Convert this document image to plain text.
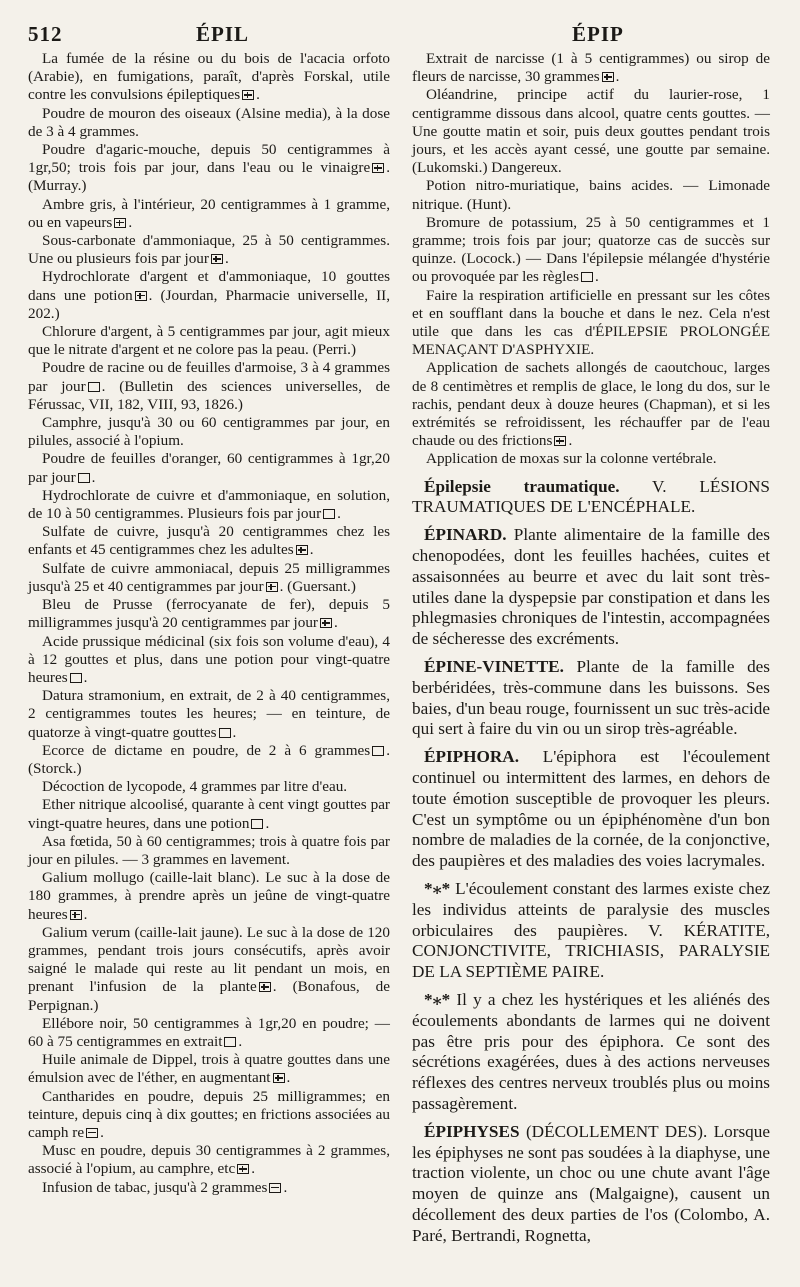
512	ÉPIL	ÉPIP

La fumée de la résine ou du bois de l'acacia orfoto (Arabie), en fumigations, paraît, d'après Forskal, utile contre les convulsions épileptiques .

Poudre de mouron des oiseaux (Alsine media), à la dose de 3 à 4 grammes.

Poudre d'agaric-mouche, depuis 50 centigrammes à 1gr,50; trois fois par jour, dans l'eau ou le vinaigre . (Murray.)

Ambre gris, à l'intérieur, 20 centigrammes à 1 gramme, ou en vapeurs .

Sous-carbonate d'ammoniaque, 25 à 50 centigrammes. Une ou plusieurs fois par jour .

Hydrochlorate d'argent et d'ammoniaque, 10 gouttes dans une potion . (Jourdan, Pharmacie universelle, II, 202.)

Chlorure d'argent, à 5 centigrammes par jour, agit mieux que le nitrate d'argent et ne colore pas la peau. (Perri.)

Poudre de racine ou de feuilles d'armoise, 3 à 4 grammes par jour . (Bulletin des sciences universelles, de Férussac, VII, 182, VIII, 93, 1826.)

Camphre, jusqu'à 30 ou 60 centigrammes par jour, en pilules, associé à l'opium.

Poudre de feuilles d'oranger, 60 centigrammes à 1gr,20 par jour .

Hydrochlorate de cuivre et d'ammoniaque, en solution, de 10 à 50 centigrammes. Plusieurs fois par jour .

Sulfate de cuivre, jusqu'à 20 centigrammes chez les enfants et 45 centigrammes chez les adultes .

Sulfate de cuivre ammoniacal, depuis 25 milligrammes jusqu'à 25 et 40 centigrammes par jour . (Guersant.)

Bleu de Prusse (ferrocyanate de fer), depuis 5 milligrammes jusqu'à 20 centigrammes par jour .

Acide prussique médicinal (six fois son volume d'eau), 4 à 12 gouttes et plus, dans une potion pour vingt-quatre heures .

Datura stramonium, en extrait, de 2 à 40 centigrammes, 2 centigrammes toutes les heures; — en teinture, de quatorze à vingt-quatre gouttes .

Ecorce de dictame en poudre, de 2 à 6 grammes . (Storck.)

Décoction de lycopode, 4 grammes par litre d'eau.

Ether nitrique alcoolisé, quarante à cent vingt gouttes par vingt-quatre heures, dans une potion .

Asa fœtida, 50 à 60 centigrammes; trois à quatre fois par jour en pilules. — 3 grammes en lavement.

Galium mollugo (caille-lait blanc). Le suc à la dose de 180 grammes, à prendre après un jeûne de vingt-quatre heures .

Galium verum (caille-lait jaune). Le suc à la dose de 120 grammes, pendant trois jours consécutifs, après avoir saigné le malade qui reste au lit pendant un mois, en prenant l'infusion de la plante . (Bonafous, de Perpignan.)

Ellébore noir, 50 centigrammes à 1gr,20 en poudre; — 60 à 75 centigrammes en extrait .

Huile animale de Dippel, trois à quatre gouttes dans une émulsion avec de l'éther, en augmentant .

Cantharides en poudre, depuis 25 milligrammes; en teinture, depuis cinq à dix gouttes; en frictions associées au camph re .

Musc en poudre, depuis 30 centigrammes à 2 grammes, associé à l'opium, au camphre, etc .

Infusion de tabac, jusqu'à 2 grammes .

Extrait de narcisse (1 à 5 centigrammes) ou sirop de fleurs de narcisse, 30 grammes .

Oléandrine, principe actif du laurier-rose, 1 centigramme dissous dans alcool, quatre cents gouttes. — Une goutte matin et soir, puis deux gouttes pendant trois jours, et les accès ayant cessé, une goutte par semaine. (Lukomski.) Dangereux.

Potion nitro-muriatique, bains acides. — Limonade nitrique. (Hunt).

Bromure de potassium, 25 à 50 centigrammes et 1 gramme; trois fois par jour; quatorze cas de succès sur quinze. (Locock.) — Dans l'épilepsie mélangée d'hystérie ou provoquée par les règles .

Faire la respiration artificielle en pressant sur les côtes et en soufflant dans la bouche et dans le nez. Cela n'est utile que dans les cas d'ÉPILEPSIE PROLONGÉE MENAÇANT D'ASPHYXIE.

Application de sachets allongés de caoutchouc, larges de 8 centimètres et remplis de glace, le long du dos, sur le rachis, pendant deux à douze heures (Chapman), et si les extrémités se refroidissent, les réchauffer par de l'eau chaude ou des frictions .

Application de moxas sur la colonne vertébrale.

Épilepsie traumatique. V. LÉSIONS TRAUMATIQUES DE L'ENCÉPHALE.

ÉPINARD. Plante alimentaire de la famille des chenopodées, dont les feuilles hachées, cuites et assaisonnées au beurre et avec du lait sont très-utiles dane la dyspepsie par constipation et dans les phlegmasies chroniques de l'intestin, accompagnées de sécheresse des excréments.

ÉPINE-VINETTE. Plante de la famille des berbéridées, très-commune dans les buissons. Ses baies, d'un beau rouge, fournissent un suc très-acide qui sert à faire du vin ou un sirop très-agréable.

ÉPIPHORA. L'épiphora est l'écoulement continuel ou intermittent des larmes, en dehors de toute émotion susceptible de provoquer les pleurs. C'est un symptôme ou un épiphénomène d'un bon nombre de maladies de la cornée, de la conjonctive, des paupières et des maladies des voies lacrymales.

*⁎* L'écoulement constant des larmes existe chez les individus atteints de paralysie des muscles orbiculaires des paupières. V. KÉRATITE, CONJONCTIVITE, TRICHIASIS, PARALYSIE DE LA SEPTIÈME PAIRE.

*⁎* Il y a chez les hystériques et les aliénés des écoulements abondants de larmes qui ne doivent pas être pris pour des épiphora. Ce sont des sécrétions exagérées, dues à des actions nerveuses réflexes des centres nerveux troublés plus ou moins passagèrement.

ÉPIPHYSES (DÉCOLLEMENT DES). Lorsque les épiphyses ne sont pas soudées à la diaphyse, une traction violente, un choc ou une chute avant l'âge moyen de quinze ans (Malgaigne), causent un décollement des deux parties de l'os (Colombo, A. Paré, Bertrandi, Rognetta,
